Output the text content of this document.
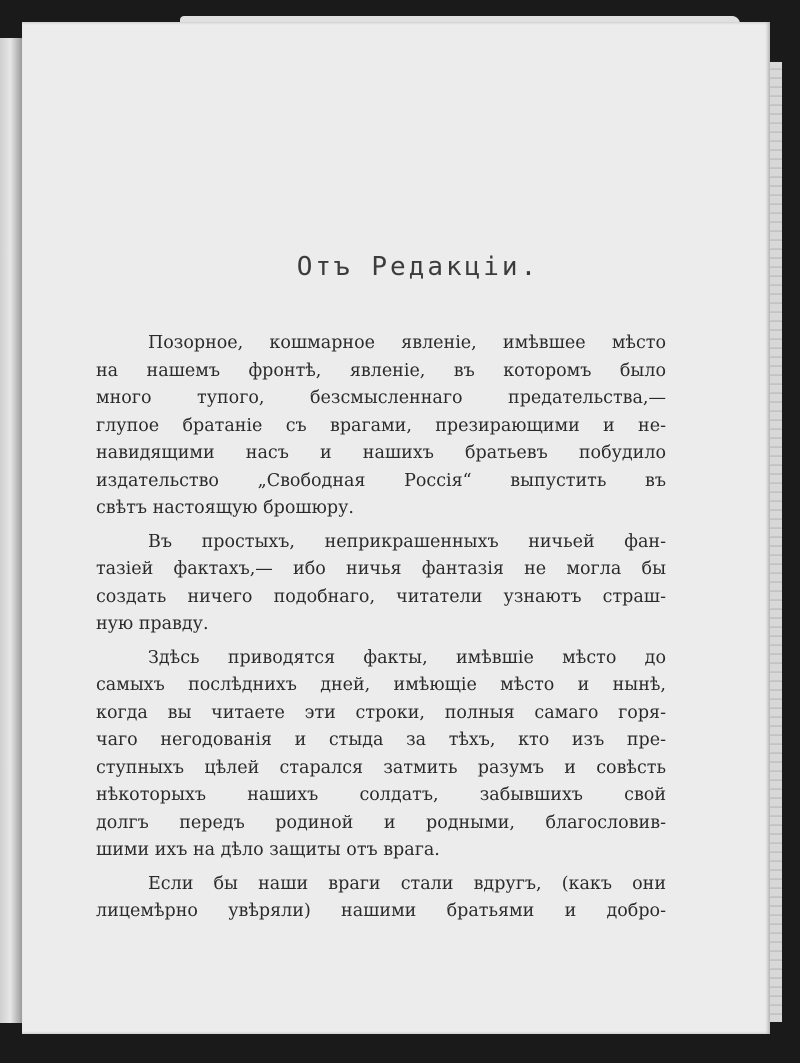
Отъ Редакціи.
Позорное, кошмарное явленіе, имѣвшее мѣсто
на нашемъ фронтѣ, явленіе, въ которомъ было
много тупого, безсмысленнаго предательства,—
глупое братаніе съ врагами, презирающими и не-
навидящими насъ и нашихъ братьевъ побудило
издательство „Свободная Россія“ выпустить въ
свѣтъ настоящую брошюру.
Въ простыхъ, неприкрашенныхъ ничьей фан-
тазіей фактахъ,— ибо ничья фантазія не могла бы
создать ничего подобнаго, читатели узнаютъ страш-
ную правду.
Здѣсь приводятся факты, имѣвшіе мѣсто до
самыхъ послѣднихъ дней, имѣющіе мѣсто и нынѣ,
когда вы читаете эти строки, полныя самаго горя-
чаго негодованія и стыда за тѣхъ, кто изъ пре-
ступныхъ цѣлей старался затмить разумъ и совѣсть
нѣкоторыхъ нашихъ солдатъ, забывшихъ свой
долгъ передъ родиной и родными, благословив-
шими ихъ на дѣло защиты отъ врага.
Если бы наши враги стали вдругъ, (какъ они
лицемѣрно увѣряли) нашими братьями и добро-
